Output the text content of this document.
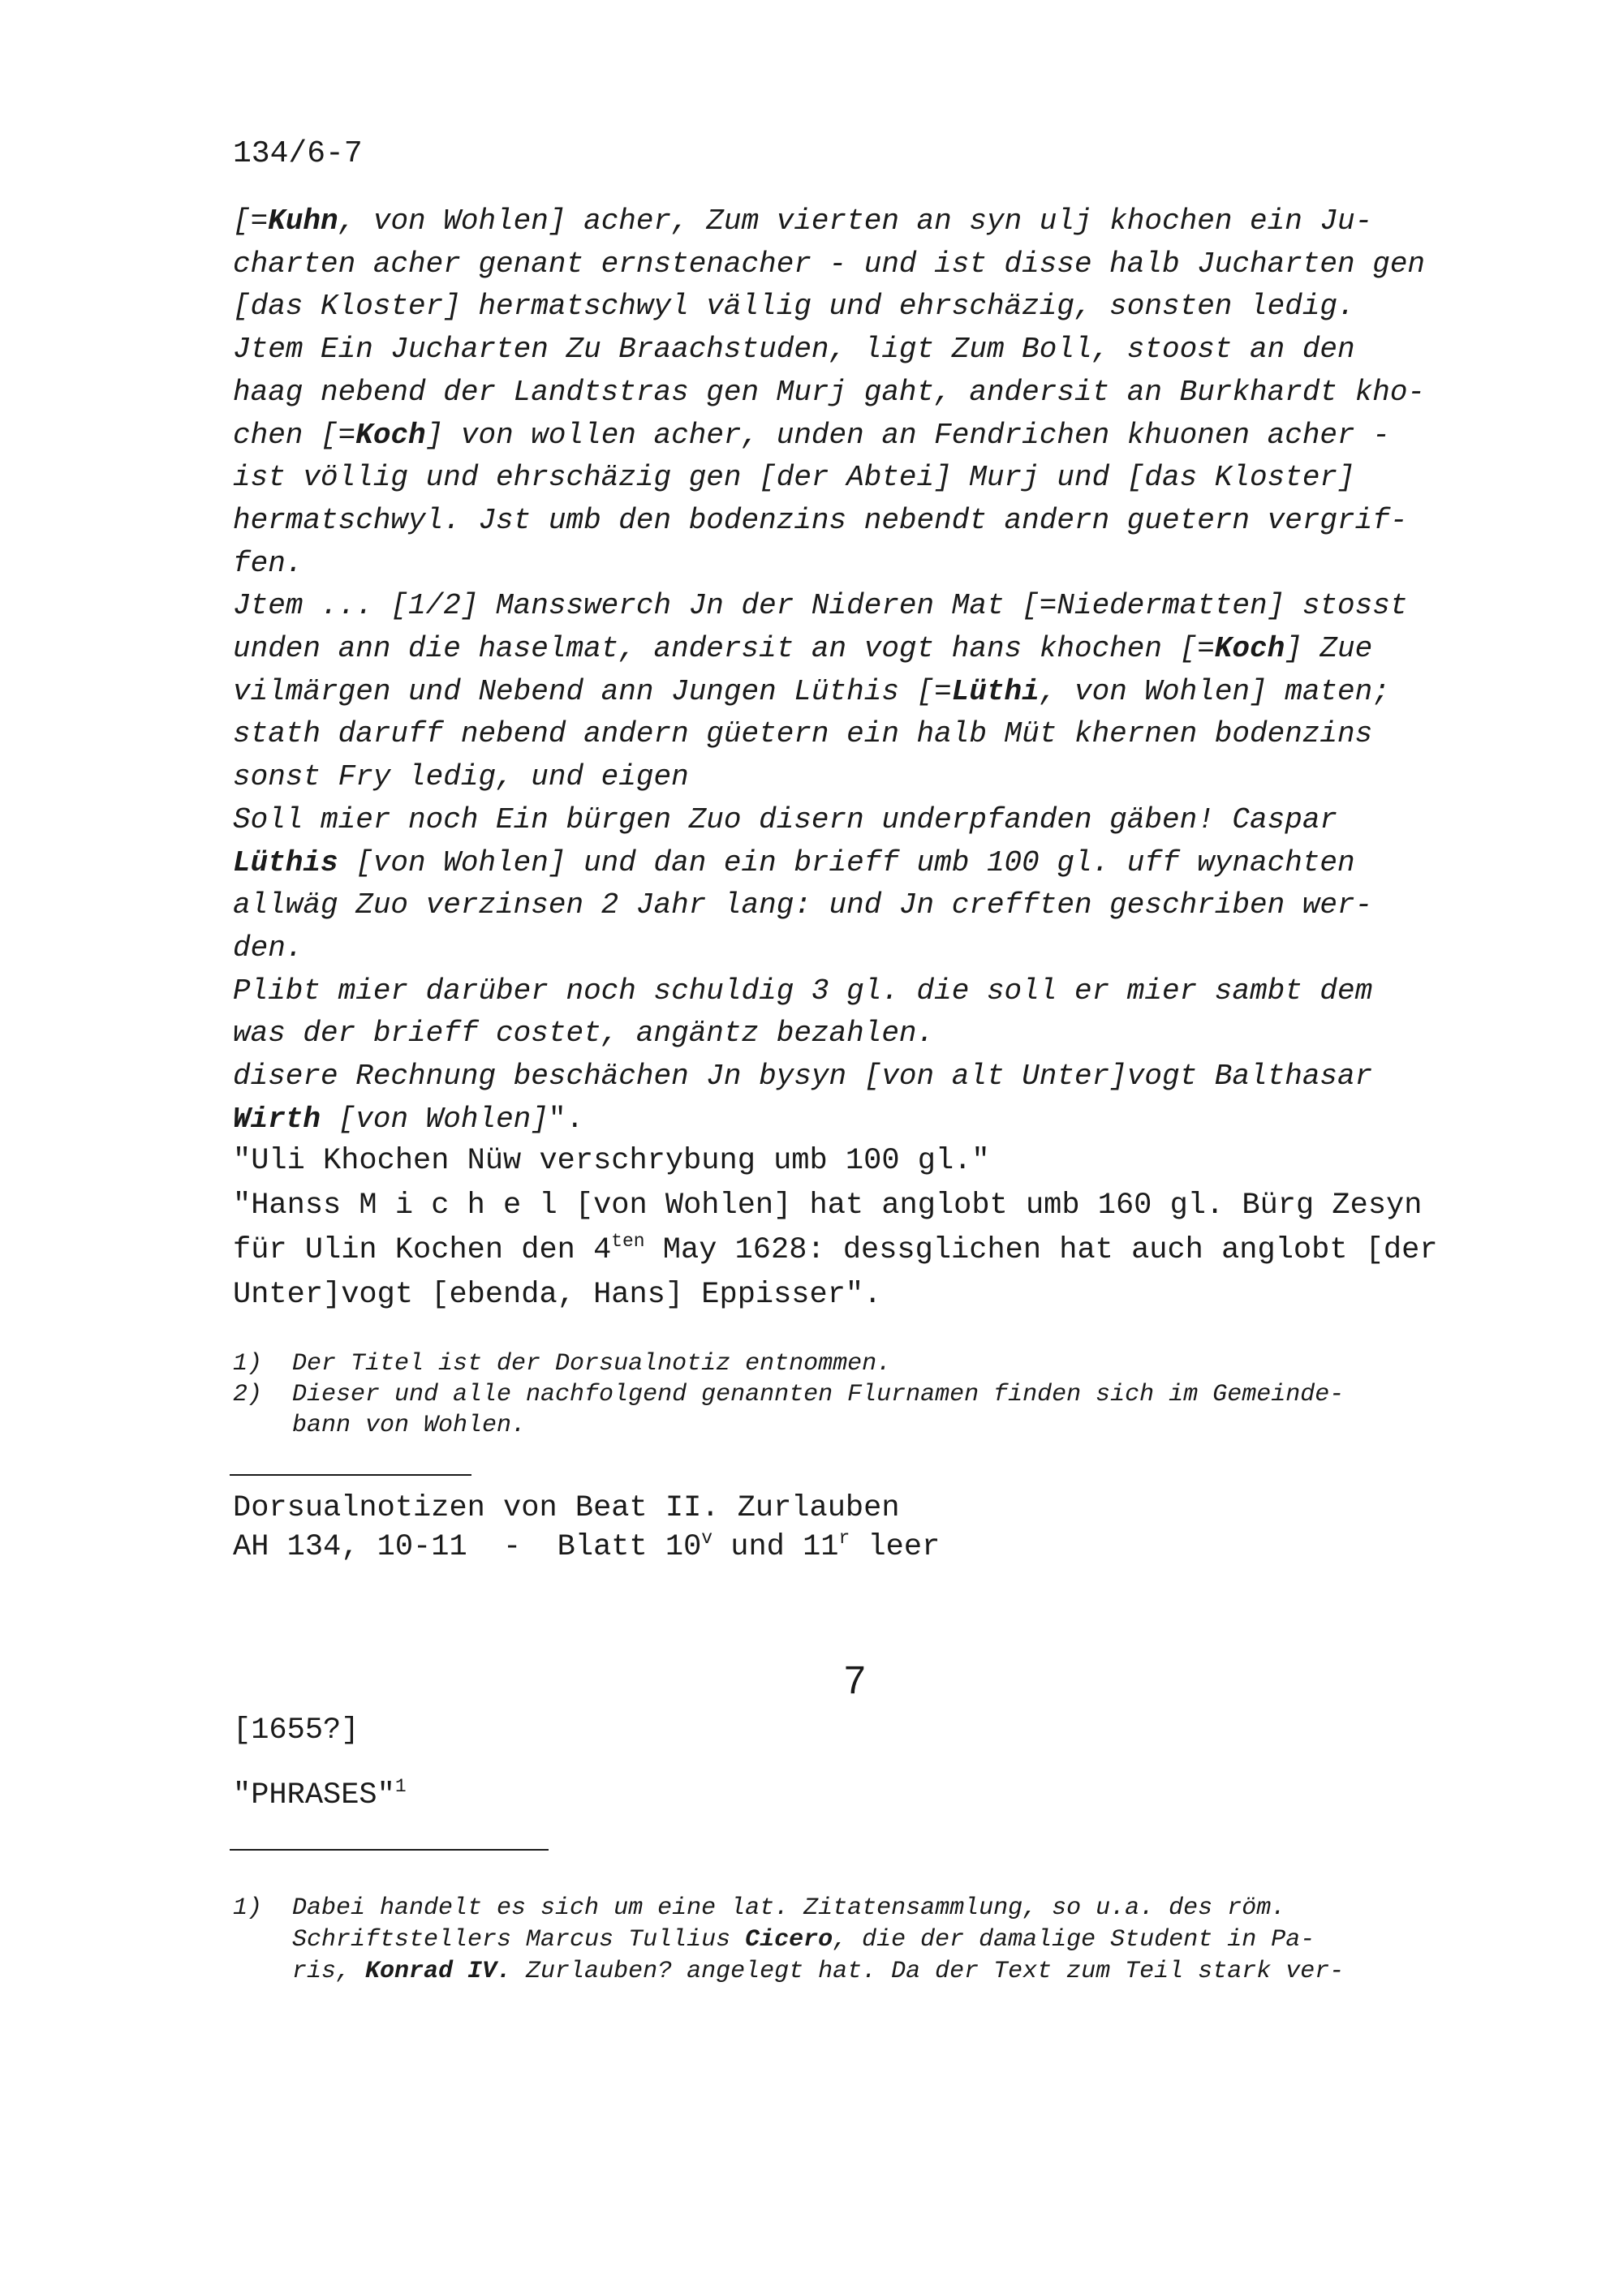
134/6-7
[=Kuhn, von Wohlen] acher, Zum vierten an syn ulj khochen ein Ju-
charten acher genant ernstenacher - und ist disse halb Jucharten gen
[das Kloster] hermatschwyl vällig und ehrschäzig, sonsten ledig.
Jtem Ein Jucharten Zu Braachstuden, ligt Zum Boll, stoost an den
haag nebend der Landtstras gen Murj gaht, andersit an Burkhardt kho-
chen [=Koch] von wollen acher, unden an Fendrichen khuonen acher -
ist völlig und ehrschäzig gen [der Abtei] Murj und [das Kloster]
hermatschwyl. Jst umb den bodenzins nebendt andern guetern vergrif-
fen.
Jtem ... [1/2] Mansswerch Jn der Nideren Mat [=Niedermatten] stosst
unden ann die haselmat, andersit an vogt hans khochen [=Koch] Zue
vilmärgen und Nebend ann Jungen Lüthis [=Lüthi, von Wohlen] maten;
stath daruff nebend andern güetern ein halb Müt khernen bodenzins
sonst Fry ledig, und eigen
Soll mier noch Ein bürgen Zuo disern underpfanden gäben! Caspar
Lüthis [von Wohlen] und dan ein brieff umb 100 gl. uff wynachten
allwäg Zuo verzinsen 2 Jahr lang: und Jn crefften geschriben wer-
den.
Plibt mier darüber noch schuldig 3 gl. die soll er mier sambt dem
was der brieff costet, angäntz bezahlen.
disere Rechnung beschächen Jn bysyn [von alt Unter]vogt Balthasar
Wirth [von Wohlen]".
"Uli Khochen Nüw verschrybung umb 100 gl."
"Hanss M i c h e l [von Wohlen] hat anglobt umb 160 gl. Bürg Zesyn
für Ulin Kochen den $4^{ten}$ May 1628: dessglichen hat auch anglobt [der
Unter]vogt [ebenda, Hans] Eppisser".
1) Der Titel ist der Dorsualnotiz entnommen.
2) Dieser und alle nachfolgend genannten Flurnamen finden sich im Gemeinde-
bann von Wohlen.
Dorsualnotizen von Beat II. Zurlauben
AH 134, 10-11  -  Blatt 10$^v$ und 11$^r$ leer
7
[1655?]
"PHRASES"$^1$
1) Dabei handelt es sich um eine lat. Zitatensammlung, so u.a. des röm.
Schriftstellers Marcus Tullius Cicero, die der damalige Student in Pa-
ris, Konrad IV. Zurlauben? angelegt hat. Da der Text zum Teil stark ver-
